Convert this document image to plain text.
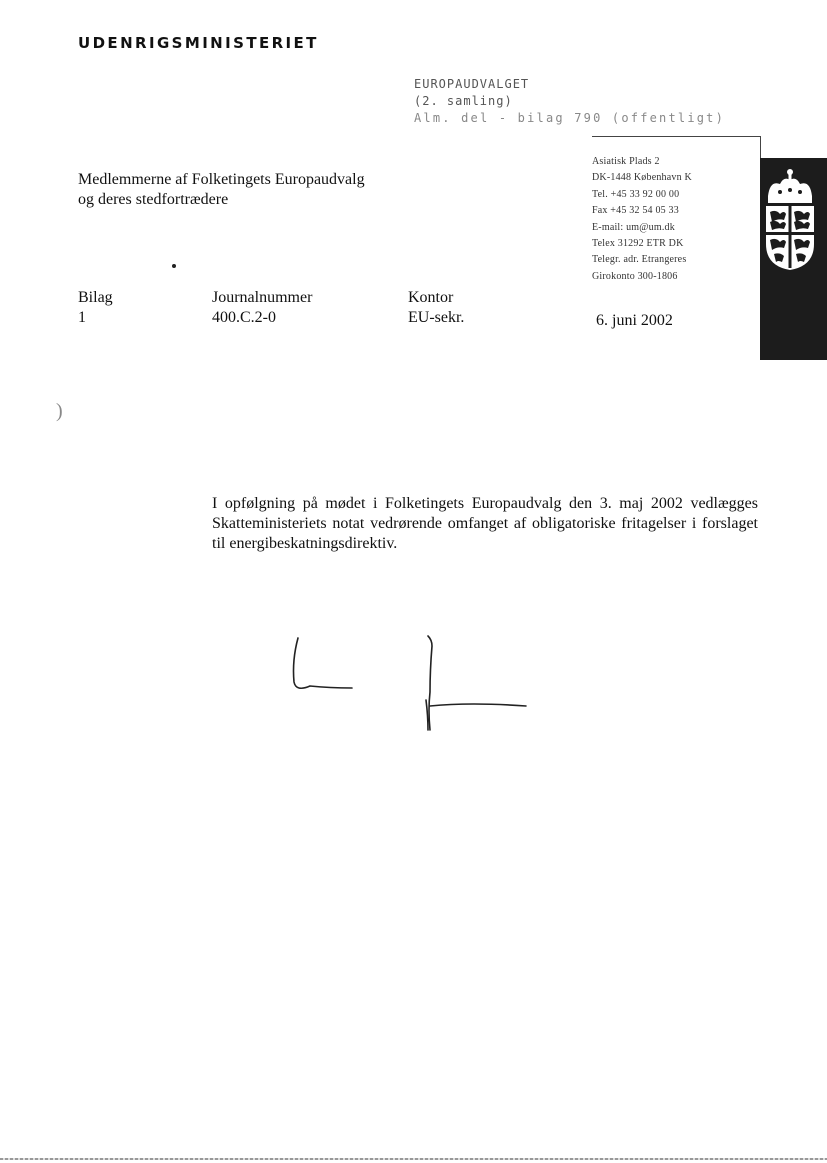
UDENRIGSMINISTERIET
EUROPAUDVALGET
(2. samling)
Alm. del - bilag 790 (offentligt)
Asiatisk Plads 2
DK-1448 København K
Tel. +45 33 92 00 00
Fax +45 32 54 05 33
E-mail: um@um.dk
Telex 31292 ETR DK
Telegr. adr. Etrangeres
Girokonto 300-1806
Medlemmerne af Folketingets Europaudvalg
og deres stedfortrædere
Bilag
1
Journalnummer
400.C.2-0
Kontor
EU-sekr.	6. juni 2002
)
I opfølgning på mødet i Folketingets Europaudvalg den 3. maj 2002 vedlægges Skatteministeriets notat vedrørende omfanget af obligatoriske fritagelser i forslaget til energibeskatningsdirektiv.
